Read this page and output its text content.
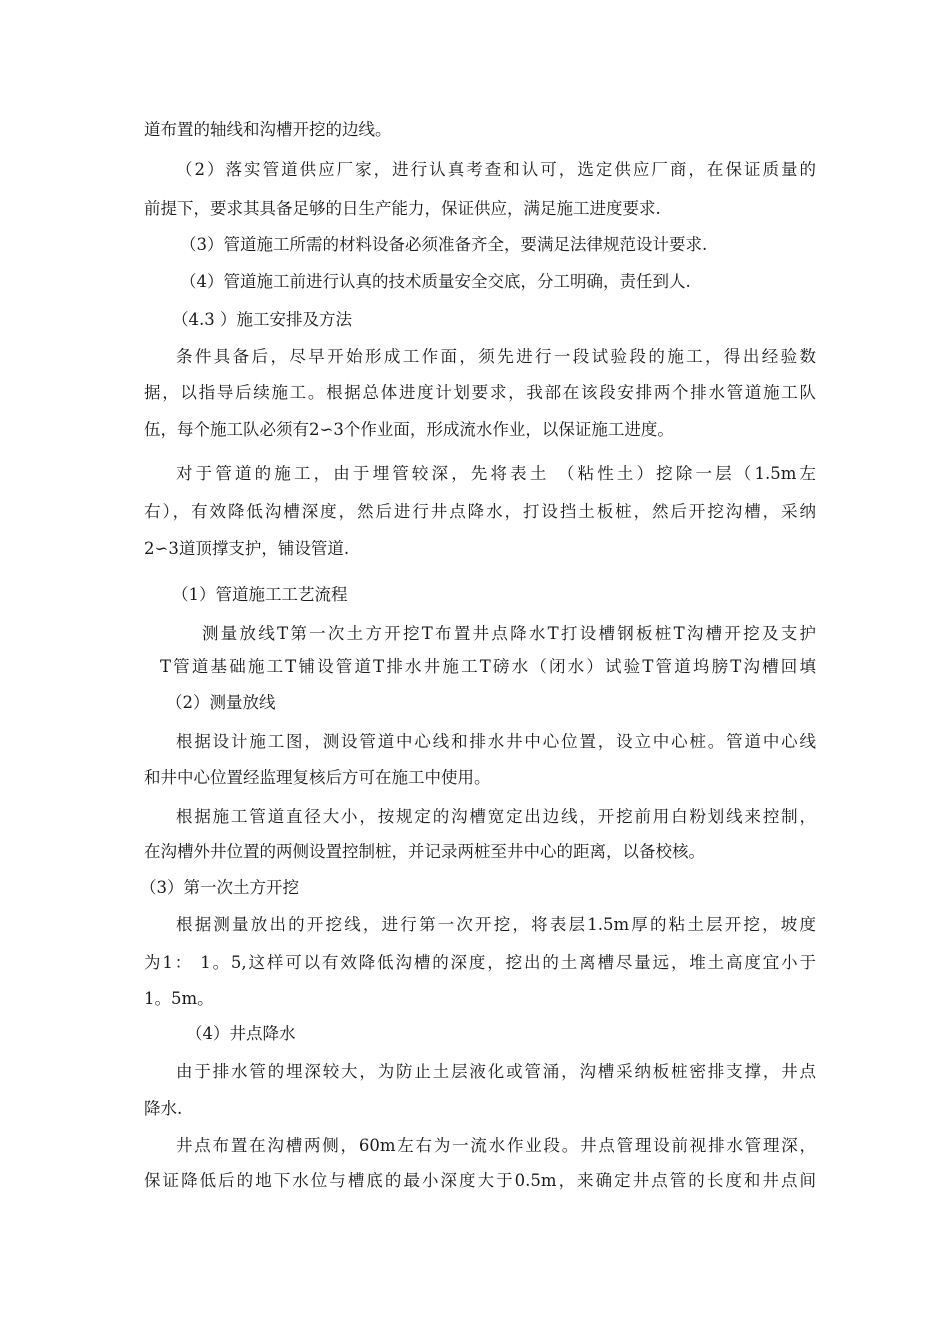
道布置的轴线和沟槽开挖的边线。
（2）落实管道供应厂家，进行认真考查和认可，选定供应厂商，在保证质量的
前提下，要求其具备足够的日生产能力，保证供应，满足施工进度要求.
（3）管道施工所需的材料设备必须准备齐全，要满足法律规范设计要求.
（4）管道施工前进行认真的技术质量安全交底，分工明确，责任到人.
（4.3 ）施工安排及方法
条件具备后，尽早开始形成工作面，须先进行一段试验段的施工，得出经验数
据，以指导后续施工。根据总体进度计划要求，我部在该段安排两个排水管道施工队
伍，每个施工队必须有2∽3个作业面，形成流水作业，以保证施工进度。
对于管道的施工，由于埋管较深，先将表土 （粘性土）挖除一层（1.5m左
右），有效降低沟槽深度，然后进行井点降水，打设挡土板桩，然后开挖沟槽，采纳
2∽3道顶撑支护，铺设管道.
（1）管道施工工艺流程
测量放线T第一次土方开挖T布置井点降水T打设槽钢板桩T沟槽开挖及支护
T管道基础施工T铺设管道T排水井施工T磅水（闭水）试验T管道坞膀T沟槽回填
（2）测量放线
根据设计施工图，测设管道中心线和排水井中心位置，设立中心桩。管道中心线
和井中心位置经监理复核后方可在施工中使用。
根据施工管道直径大小，按规定的沟槽宽定出边线，开挖前用白粉划线来控制，
在沟槽外井位置的两侧设置控制桩，并记录两桩至井中心的距离，以备校核。
（3）第一次土方开挖
根据测量放出的开挖线，进行第一次开挖，将表层1.5m厚的粘土层开挖，坡度
为1： 1。5,这样可以有效降低沟槽的深度，挖出的土离槽尽量远，堆土高度宜小于
1。5m。
（4）井点降水
由于排水管的埋深较大，为防止土层液化或管涌，沟槽采纳板桩密排支撑，井点
降水.
井点布置在沟槽两侧，60m左右为一流水作业段。井点管理设前视排水管理深，
保证降低后的地下水位与槽底的最小深度大于0.5m，来确定井点管的长度和井点间
